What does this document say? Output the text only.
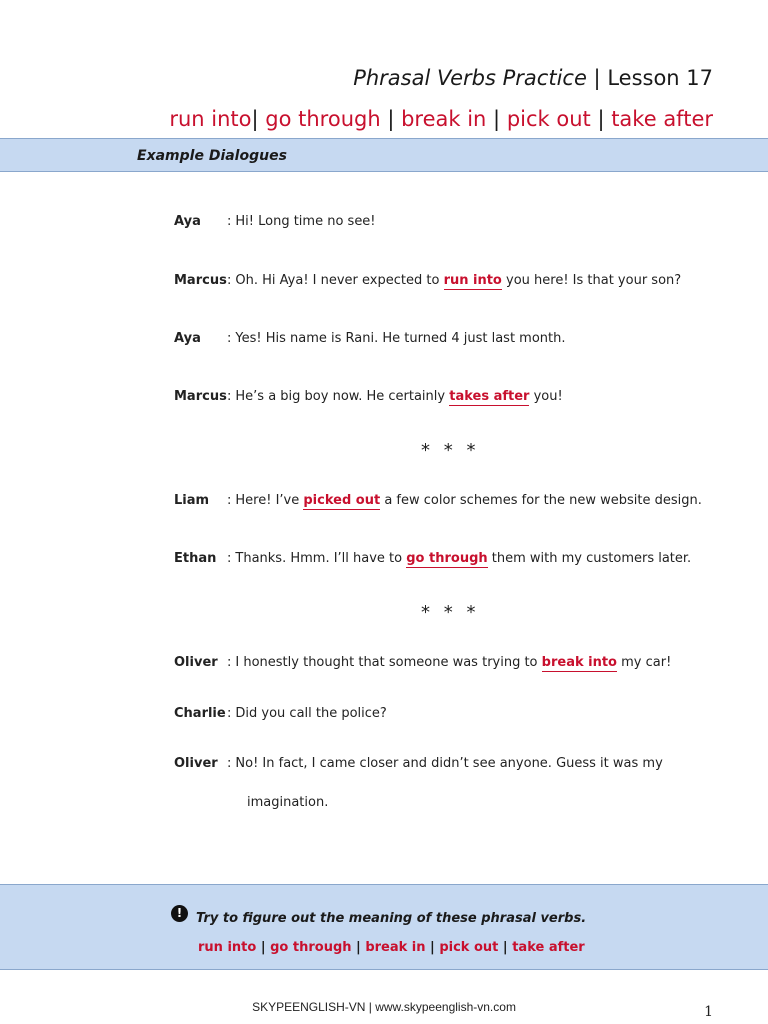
Phrasal Verbs Practice | Lesson 17
run into| go through | break in | pick out | take after
Example Dialogues
Aya : Hi! Long time no see!
Marcus: Oh. Hi Aya! I never expected to run into you here! Is that your son?
Aya : Yes! His name is Rani. He turned 4 just last month.
Marcus: He’s a big boy now. He certainly takes after you!
* * *
Liam : Here! I’ve picked out a few color schemes for the new website design.
Ethan : Thanks. Hmm. I’ll have to go through them with my customers later.
* * *
Oliver : I honestly thought that someone was trying to break into my car!
Charlie: Did you call the police?
Oliver : No! In fact, I came closer and didn’t see anyone. Guess it was my
imagination.
!	Try to figure out the meaning of these phrasal verbs.
run into | go through | break in | pick out | take after
SKYPEENGLISH-VN | www.skypeenglish-vn.com	1
